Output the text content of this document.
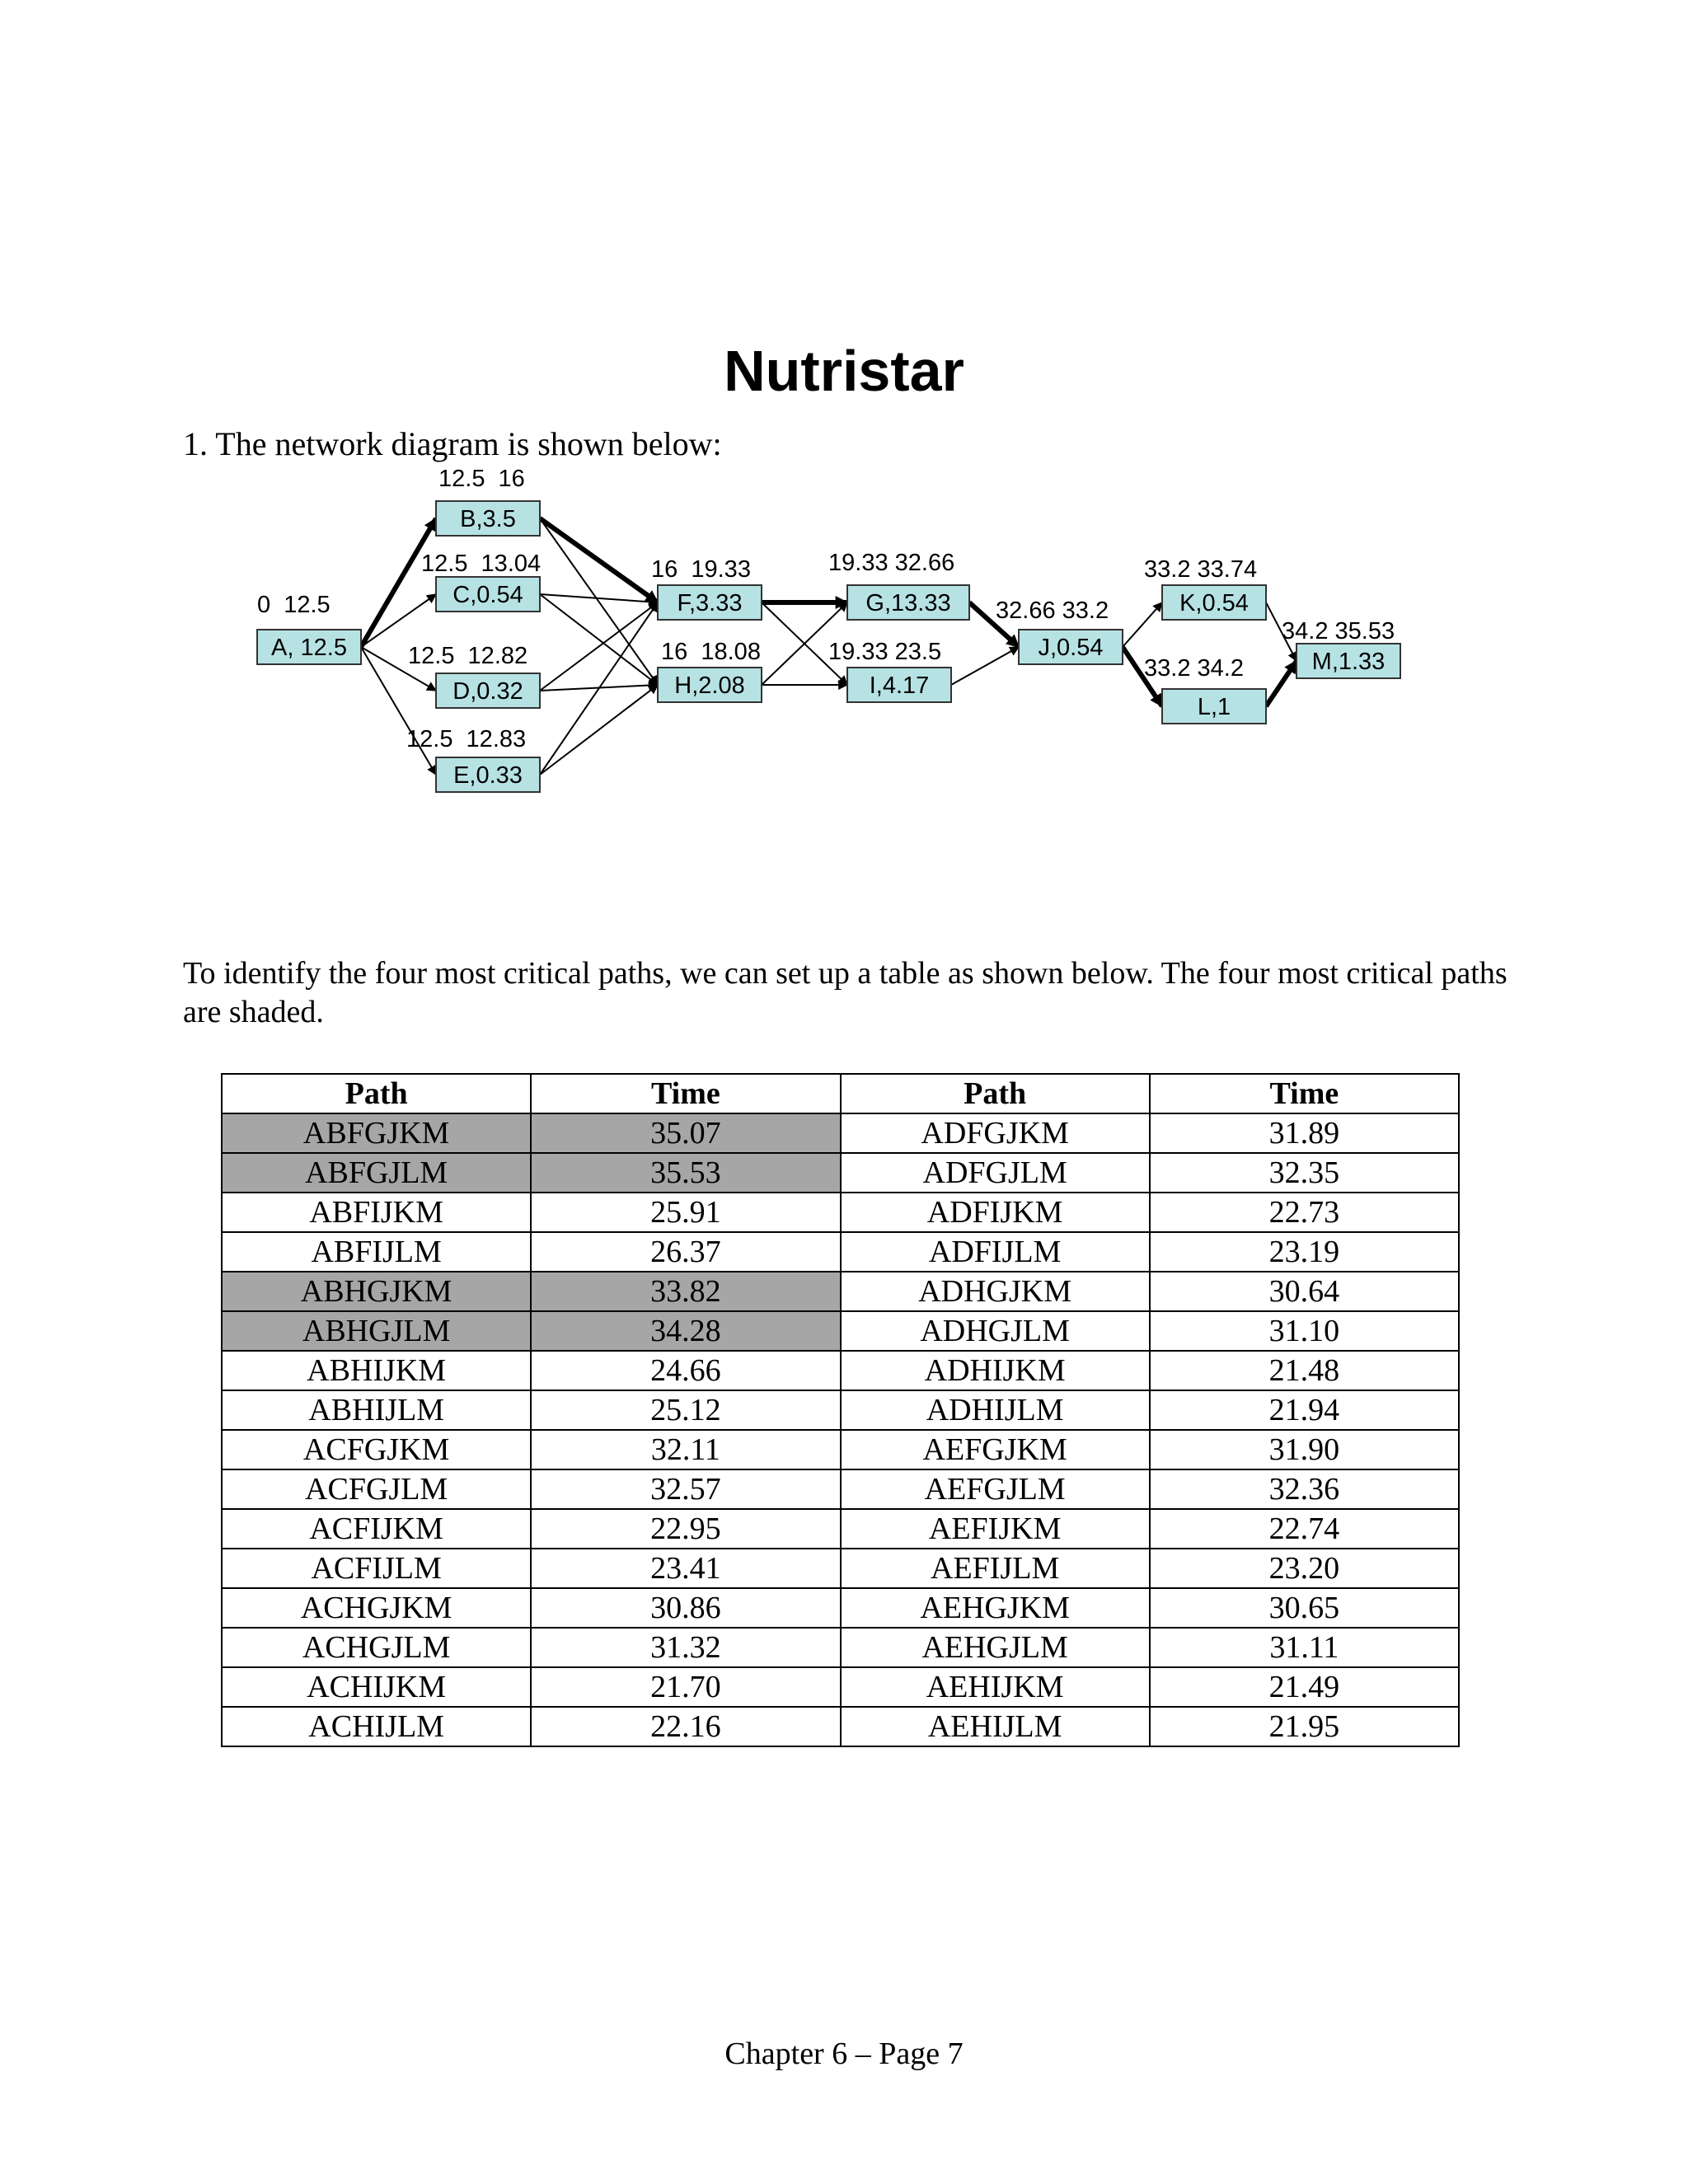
Nutristar
1. The network diagram is shown below:
A, 12.5
B,3.5
C,0.54
D,0.32
E,0.33
F,3.33
H,2.08
G,13.33
I,4.17
J,0.54
K,0.54
L,1
M,1.33
0  12.5
12.5  16
12.5  13.04
12.5  12.82
12.5  12.83
16  19.33
16  18.08
19.33 32.66
19.33 23.5
32.66 33.2
33.2 33.74
33.2 34.2
34.2 35.53
To identify the four most critical paths, we can set up a table as shown below. The four most critical paths are shaded.
Path	Time	Path	Time
ABFGJKM	35.07	ADFGJKM	31.89
ABFGJLM	35.53	ADFGJLM	32.35
ABFIJKM	25.91	ADFIJKM	22.73
ABFIJLM	26.37	ADFIJLM	23.19
ABHGJKM	33.82	ADHGJKM	30.64
ABHGJLM	34.28	ADHGJLM	31.10
ABHIJKM	24.66	ADHIJKM	21.48
ABHIJLM	25.12	ADHIJLM	21.94
ACFGJKM	32.11	AEFGJKM	31.90
ACFGJLM	32.57	AEFGJLM	32.36
ACFIJKM	22.95	AEFIJKM	22.74
ACFIJLM	23.41	AEFIJLM	23.20
ACHGJKM	30.86	AEHGJKM	30.65
ACHGJLM	31.32	AEHGJLM	31.11
ACHIJKM	21.70	AEHIJKM	21.49
ACHIJLM	22.16	AEHIJLM	21.95
Chapter 6 – Page 7
